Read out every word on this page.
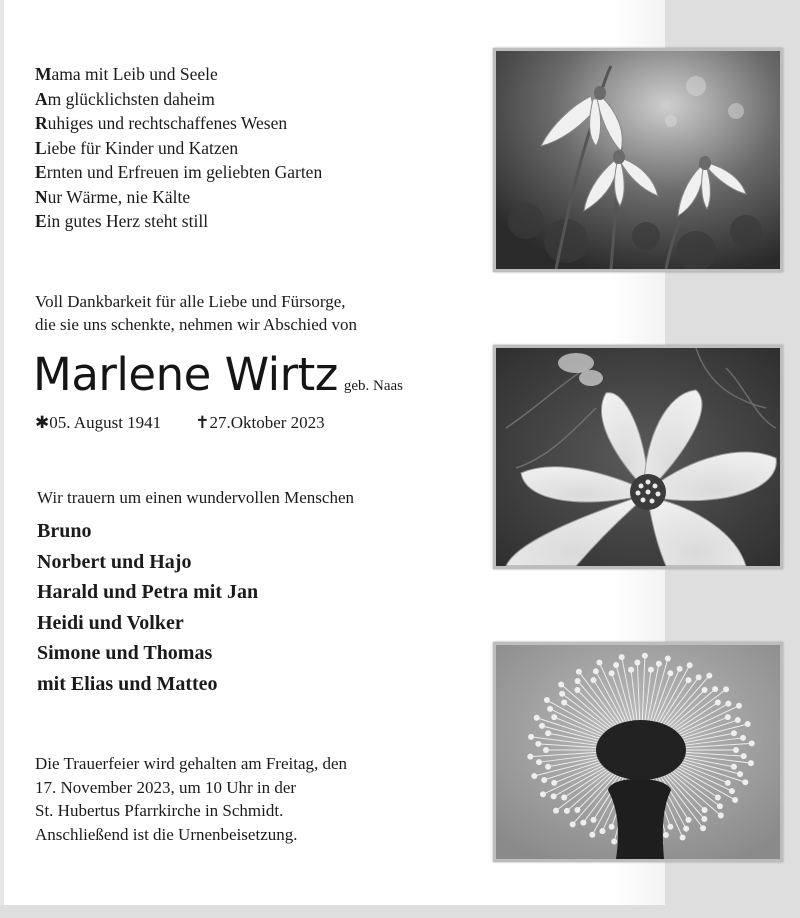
Mama mit Leib und Seele
Am glücklichsten daheim
Ruhiges und rechtschaffenes Wesen
Liebe für Kinder und Katzen
Ernten und Erfreuen im geliebten Garten
Nur Wärme, nie Kälte
Ein gutes Herz steht still
Voll Dankbarkeit für alle Liebe und Fürsorge,
die sie uns schenkte, nehmen wir Abschied von
Marlene Wirtz geb. Naas
✱05. August 1941 ✝27.Oktober 2023
Wir trauern um einen wundervollen Menschen
Bruno
Norbert und Hajo
Harald und Petra mit Jan
Heidi und Volker
Simone und Thomas
mit Elias und Matteo
Die Trauerfeier wird gehalten am Freitag, den
17. November 2023, um 10 Uhr in der
St. Hubertus Pfarrkirche in Schmidt.
Anschließend ist die Urnenbeisetzung.
